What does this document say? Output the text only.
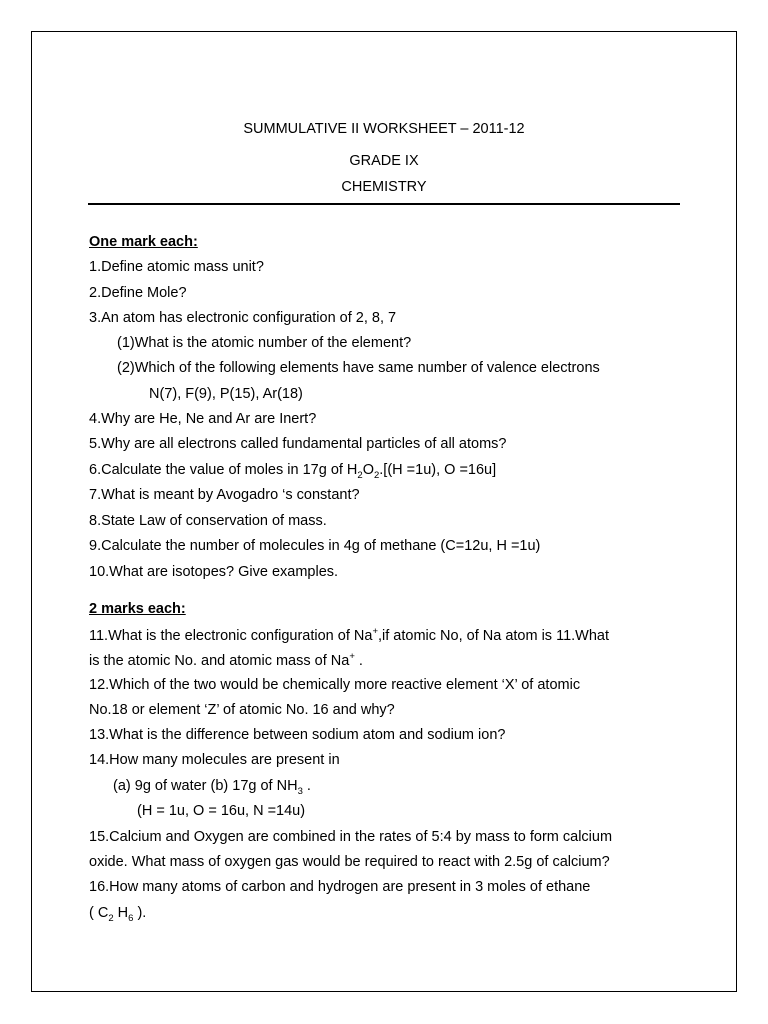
SUMMULATIVE II WORKSHEET – 2011-12
GRADE IX
CHEMISTRY
One mark each:
1.Define atomic mass unit?
2.Define Mole?
3.An atom has electronic configuration of 2, 8, 7
(1)What is the atomic number of the element?
(2)Which of the following elements have same number of valence electrons
N(7), F(9), P(15), Ar(18)
4.Why are He, Ne and Ar are Inert?
5.Why are all electrons called fundamental particles of all atoms?
6.Calculate the value of moles in 17g of $H_2O_2.[(H =1u)$, O =16u]
7.What is meant by Avogadro ‘s constant?
8.State Law of conservation of mass.
9.Calculate the number of molecules in 4g of methane (C=12u, H =1u)
10.What are isotopes? Give examples.
2 marks each:
11.What is the electronic configuration of Na+,if atomic No, of Na atom is 11.What
is the atomic No. and atomic mass of Na+ .
12.Which of the two would be chemically more reactive element ‘X’ of atomic
No.18 or element ‘Z’ of atomic No. 16 and why?
13.What is the difference between sodium atom and sodium ion?
14.How many molecules are present in
(a) 9g of water (b) 17g of $NH_3$ .
(H = 1u, O = 16u, N =14u)
15.Calcium and Oxygen are combined in the rates of 5:4 by mass to form calcium
oxide. What mass of oxygen gas would be required to react with 2.5g of calcium?
16.How many atoms of carbon and hydrogen are present in 3 moles of ethane
( $C_2$ $H_6$ ).
